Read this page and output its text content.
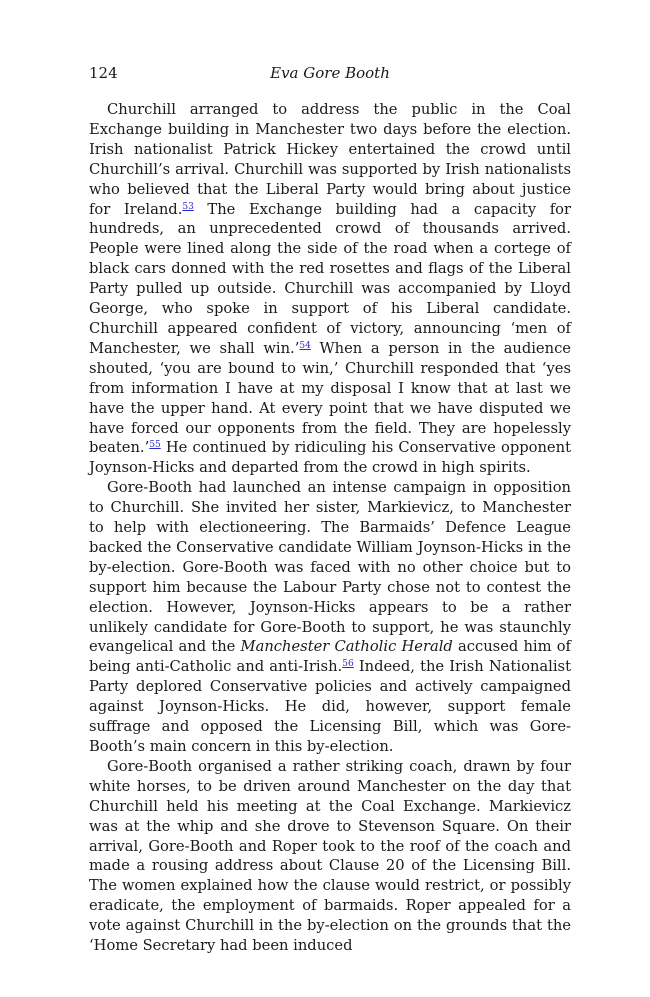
124	Eva Gore Booth

Churchill arranged to address the public in the Coal Exchange building in Manchester two days before the election. Irish nationalist Patrick Hickey entertained the crowd until Churchill’s arrival. Churchill was supported by Irish nationalists who believed that the Liberal Party would bring about justice for Ireland.$^{53}$ The Exchange building had a capacity for hundreds, an unprecedented crowd of thousands arrived. People were lined along the side of the road when a cortege of black cars donned with the red rosettes and flags of the Liberal Party pulled up outside. Churchill was accompanied by Lloyd George, who spoke in support of his Liberal candidate. Churchill appeared confident of victory, announcing ‘men of Manchester, we shall win.’$^{54}$ When a person in the audience shouted, ‘you are bound to win,’ Churchill responded that ‘yes from information I have at my disposal I know that at last we have the upper hand. At every point that we have disputed we have forced our opponents from the field. They are hopelessly beaten.’$^{55}$ He continued by ridiculing his Conservative opponent Joynson-Hicks and departed from the crowd in high spirits.

Gore-Booth had launched an intense campaign in opposition to Churchill. She invited her sister, Markievicz, to Manchester to help with electioneering. The Barmaids’ Defence League backed the Conservative candidate William Joynson-Hicks in the by-election. Gore-Booth was faced with no other choice but to support him because the Labour Party chose not to contest the election. However, Joynson-Hicks appears to be a rather unlikely candidate for Gore-Booth to support, he was staunchly evangelical and the Manchester Catholic Herald accused him of being anti-Catholic and anti-Irish.$^{56}$ Indeed, the Irish Nationalist Party deplored Conservative policies and actively campaigned against Joynson-Hicks. He did, however, support female suffrage and opposed the Licensing Bill, which was Gore-Booth’s main concern in this by-election.

Gore-Booth organised a rather striking coach, drawn by four white horses, to be driven around Manchester on the day that Churchill held his meeting at the Coal Exchange. Markievicz was at the whip and she drove to Stevenson Square. On their arrival, Gore-Booth and Roper took to the roof of the coach and made a rousing address about Clause 20 of the Licensing Bill. The women explained how the clause would restrict, or possibly eradicate, the employment of barmaids. Roper appealed for a vote against Churchill in the by-election on the grounds that the ‘Home Secretary had been induced
